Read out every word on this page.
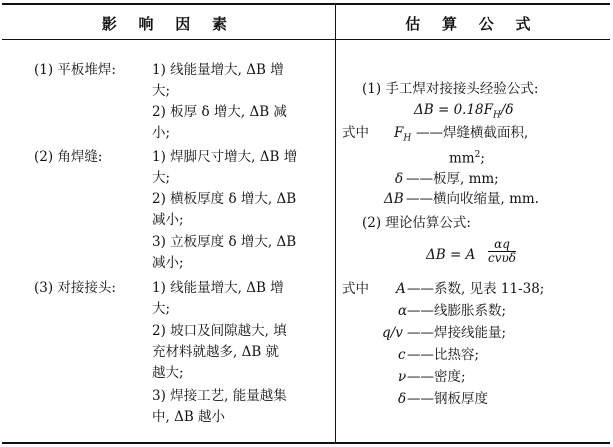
影 响 因 素	估 算 公 式
(1) 平板堆焊:	1) 线能量增大, ΔB 增
大;
2) 板厚 δ 增大, ΔB 减
小;
(2) 角焊缝:	1) 焊脚尺寸增大, ΔB 增
大;
2) 横板厚度 δ 增大, ΔB
减小;
3) 立板厚度 δ 增大, ΔB
减小;
(3) 对接接头:	1) 线能量增大, ΔB 增
大;
2) 坡口及间隙越大, 填
充材料就越多, ΔB 就
越大;
3) 焊接工艺, 能量越集
中, ΔB 越小
(1) 手工焊对接接头经验公式:
$\Delta B = 0.18F_H/\delta$
式中 $F_H$ ——焊缝横截面积,
$mm^2$;
δ ——板厚, mm;
ΔB ——横向收缩量, mm.
(2) 理论估算公式:
ΔB = A
αq
cvυδ
式中 A ——系数, 见表 11-38;
α ——线膨胀系数;
q/v ——焊接线能量;
c ——比热容;
ν ——密度;
δ ——钢板厚度
